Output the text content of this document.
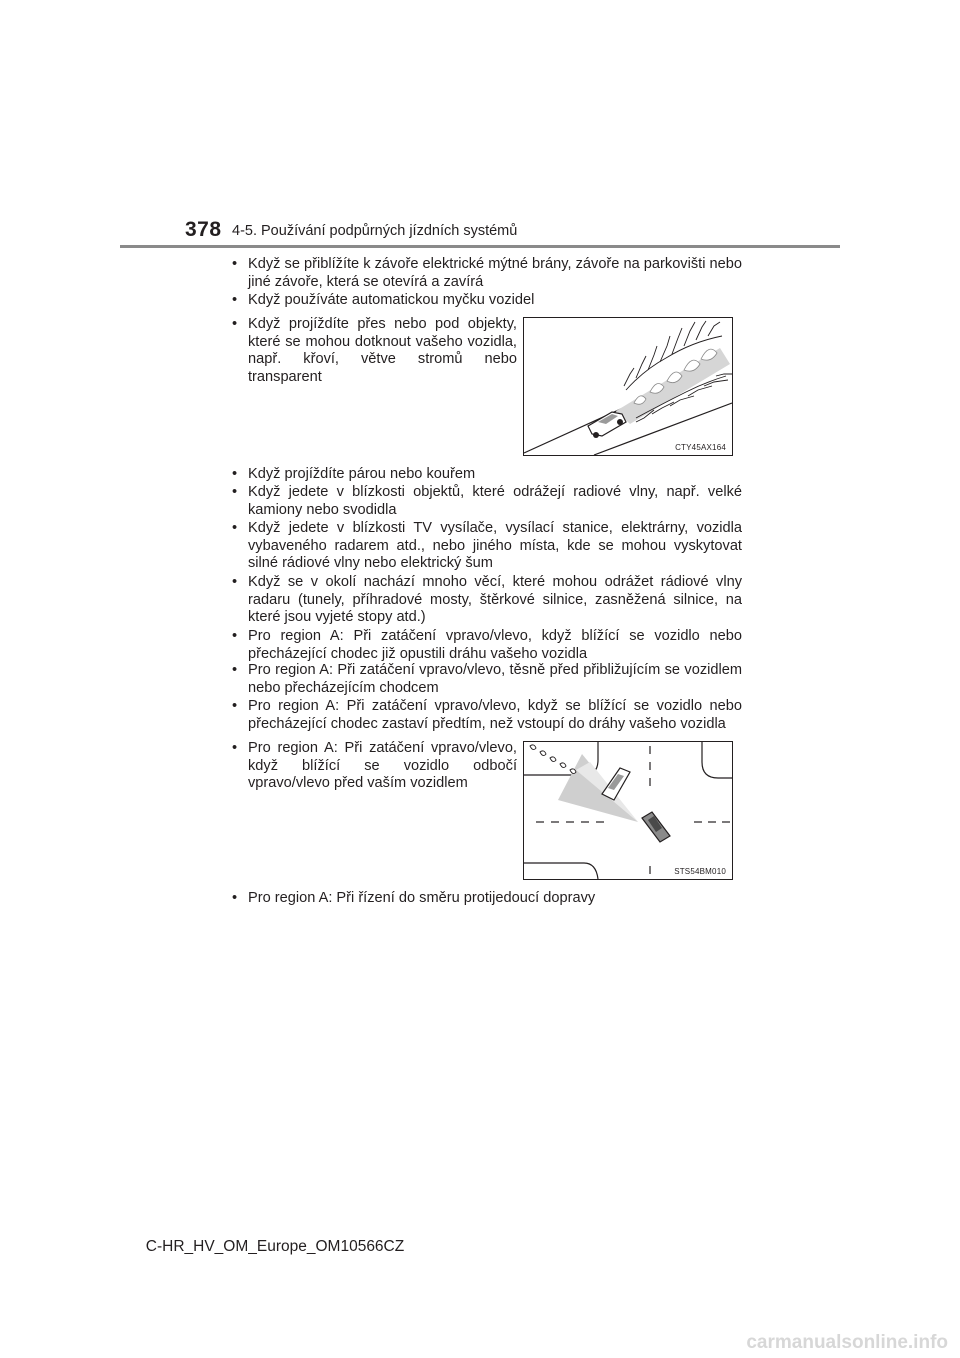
378 4-5. Používání podpůrných jízdních systémů
• Když se přiblížíte k závoře elektrické mýtné brány, závoře na parkovišti nebo jiné závoře, která se otevírá a zavírá
• Když používáte automatickou myčku vozidel
• Když projíždíte přes nebo pod objekty, které se mohou dotknout vašeho vozidla, např. křoví, větve stromů nebo transparent
CTY45AX164
• Když projíždíte párou nebo kouřem
• Když jedete v blízkosti objektů, které odrážejí radiové vlny, např. velké kamiony nebo svodidla
• Když jedete v blízkosti TV vysílače, vysílací stanice, elektrárny, vozidla vybaveného radarem atd., nebo jiného místa, kde se mohou vyskytovat silné rádiové vlny nebo elektrický šum
• Když se v okolí nachází mnoho věcí, které mohou odrážet rádiové vlny radaru (tunely, příhradové mosty, štěrkové silnice, zasněžená silnice, na které jsou vyjeté stopy atd.)
• Pro region A: Při zatáčení vpravo/vlevo, když blížící se vozidlo nebo přecházející chodec již opustili dráhu vašeho vozidla
• Pro region A: Při zatáčení vpravo/vlevo, těsně před přibližujícím se vozidlem nebo přecházejícím chodcem
• Pro region A: Při zatáčení vpravo/vlevo, když se blížící se vozidlo nebo přecházející chodec zastaví předtím, než vstoupí do dráhy vašeho vozidla
• Pro region A: Při zatáčení vpravo/vlevo, když blížící se vozidlo odbočí vpravo/vlevo před vaším vozidlem
STS54BM010
• Pro region A: Při řízení do směru protijedoucí dopravy
C-HR_HV_OM_Europe_OM10566CZ
carmanualsonline.info
